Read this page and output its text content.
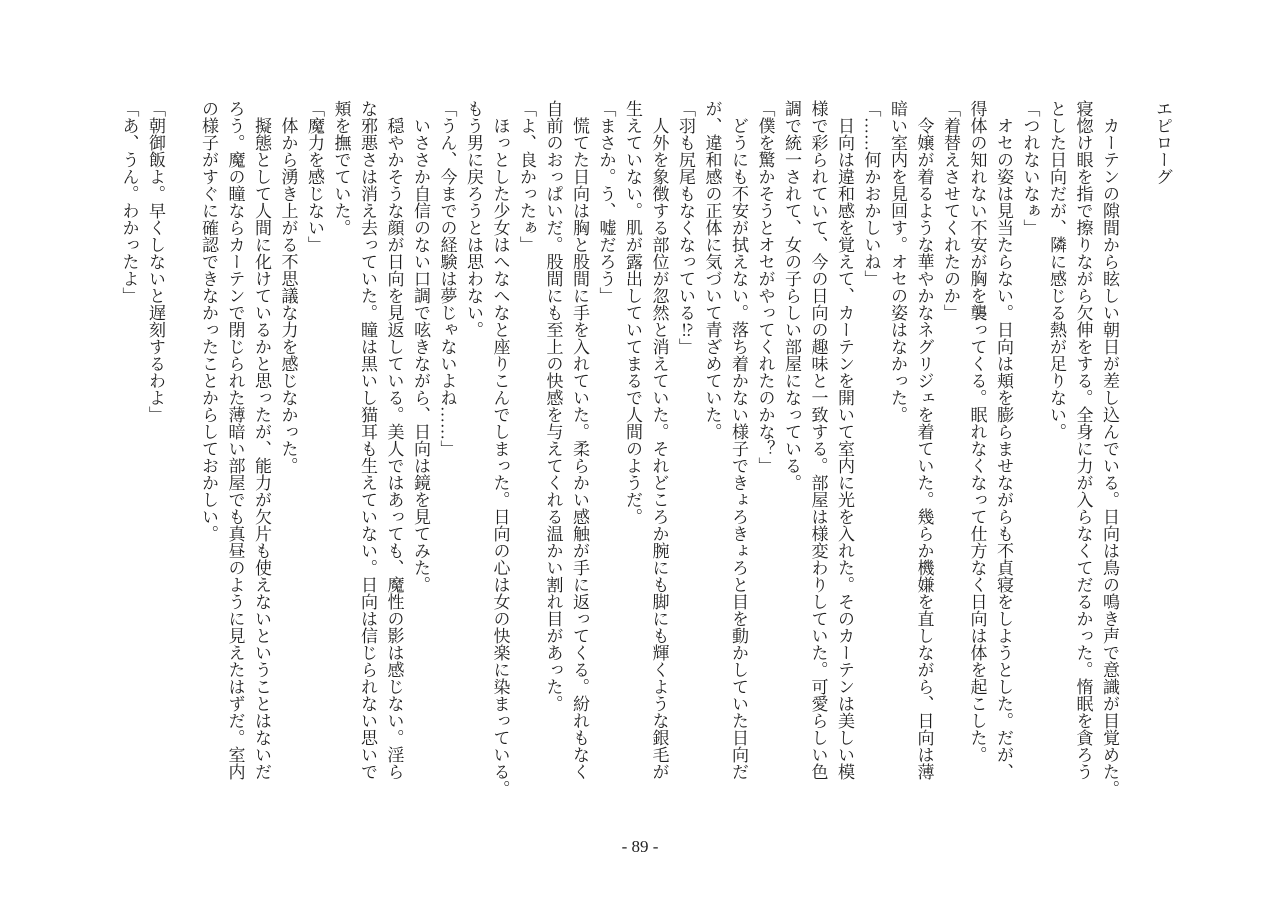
エピローグ
カーテンの隙間から眩しい朝日が差し込んでいる。日向は鳥の鳴き声で意識が目覚めた。
寝惚け眼を指で擦りながら欠伸をする。全身に力が入らなくてだるかった。惰眠を貪ろう
とした日向だが、隣に感じる熱が足りない。
「つれないなぁ」
オセの姿は見当たらない。日向は頬を膨らませながらも不貞寝をしようとした。だが、
得体の知れない不安が胸を襲ってくる。眠れなくなって仕方なく日向は体を起こした。
「着替えさせてくれたのか」
令嬢が着るような華やかなネグリジェを着ていた。幾らか機嫌を直しながら、日向は薄
暗い室内を見回す。オセの姿はなかった。
「……何かおかしいね」
日向は違和感を覚えて、カーテンを開いて室内に光を入れた。そのカーテンは美しい模
様で彩られていて、今の日向の趣味と一致する。部屋は様変わりしていた。可愛らしい色
調で統一されて、女の子らしい部屋になっている。
「僕を驚かそうとオセがやってくれたのかな？」
どうにも不安が拭えない。落ち着かない様子できょろきょろと目を動かしていた日向だ
が、違和感の正体に気づいて青ざめていた。
「羽も尻尾もなくなっている⁉」
人外を象徴する部位が忽然と消えていた。それどころか腕にも脚にも輝くような銀毛が
生えていない。肌が露出していてまるで人間のようだ。
「まさか。う、嘘だろう」
慌てた日向は胸と股間に手を入れていた。柔らかい感触が手に返ってくる。紛れもなく
自前のおっぱいだ。股間にも至上の快感を与えてくれる温かい割れ目があった。
「よ、良かったぁ」
ほっとした少女はへなへなと座りこんでしまった。日向の心は女の快楽に染まっている。
もう男に戻ろうとは思わない。
「うん、今までの経験は夢じゃないよね……」
いささか自信のない口調で呟きながら、日向は鏡を見てみた。
穏やかそうな顔が日向を見返している。美人ではあっても、魔性の影は感じない。淫ら
な邪悪さは消え去っていた。瞳は黒いし猫耳も生えていない。日向は信じられない思いで
頬を撫でていた。
「魔力を感じない」
体から湧き上がる不思議な力を感じなかった。
擬態として人間に化けているかと思ったが、能力が欠片も使えないということはないだ
ろう。魔の瞳ならカーテンで閉じられた薄暗い部屋でも真昼のように見えたはずだ。室内
の様子がすぐに確認できなかったことからしておかしい。
「朝御飯よ。早くしないと遅刻するわよ」
「あ、うん。わかったよ」
- 89 -
